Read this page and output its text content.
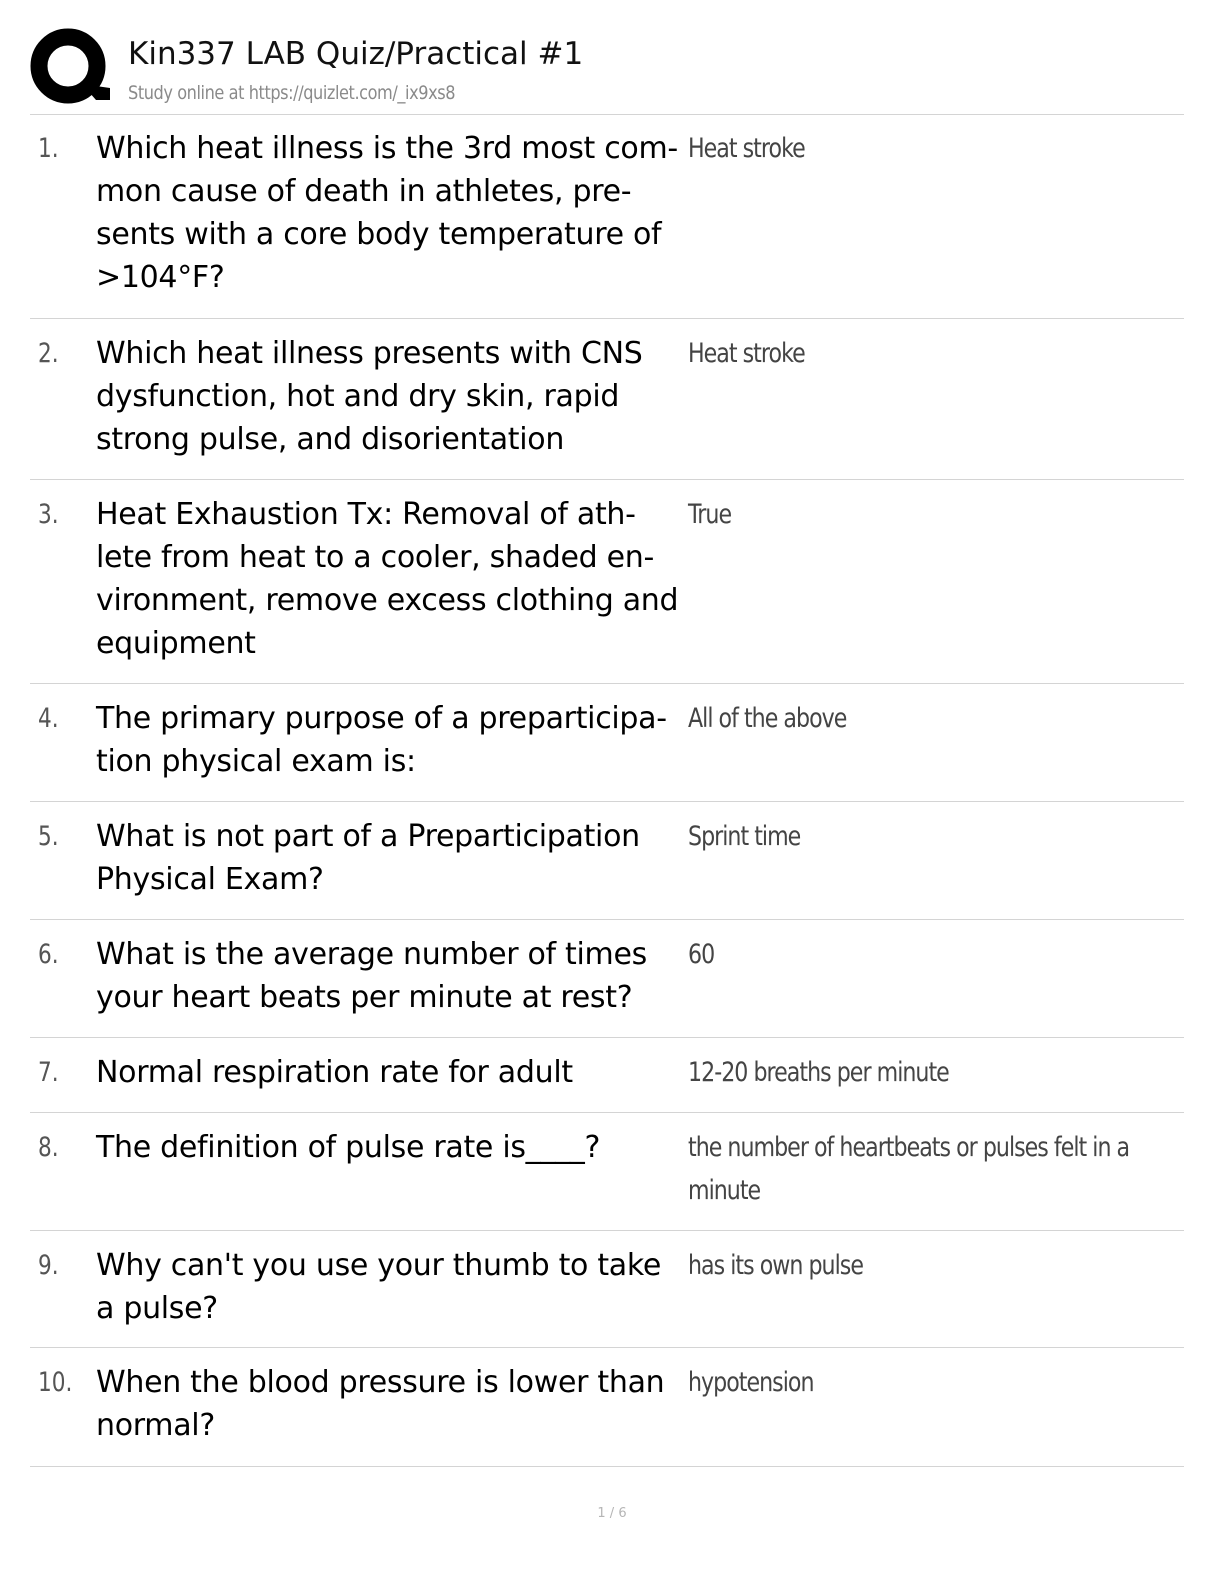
Kin337 LAB Quiz/Practical #1
Study online at https://quizlet.com/_ix9xs8
1. Which heat illness is the 3rd most com-
mon cause of death in athletes, pre-
sents with a core body temperature of
>104°F?
Heat stroke
2. Which heat illness presents with CNS
dysfunction, hot and dry skin, rapid
strong pulse, and disorientation
Heat stroke
3. Heat Exhaustion Tx: Removal of ath-
lete from heat to a cooler, shaded en-
vironment, remove excess clothing and
equipment
True
4. The primary purpose of a preparticipa-
tion physical exam is:
All of the above
5. What is not part of a Preparticipation
Physical Exam?
Sprint time
6. What is the average number of times
your heart beats per minute at rest?
60
7. Normal respiration rate for adult	12-20 breaths per minute
8. The definition of pulse rate is____?	the number of heartbeats or pulses felt in a minute
9. Why can't you use your thumb to take a pulse?
has its own pulse
10. When the blood pressure is lower than normal?
hypotension
1 / 6
